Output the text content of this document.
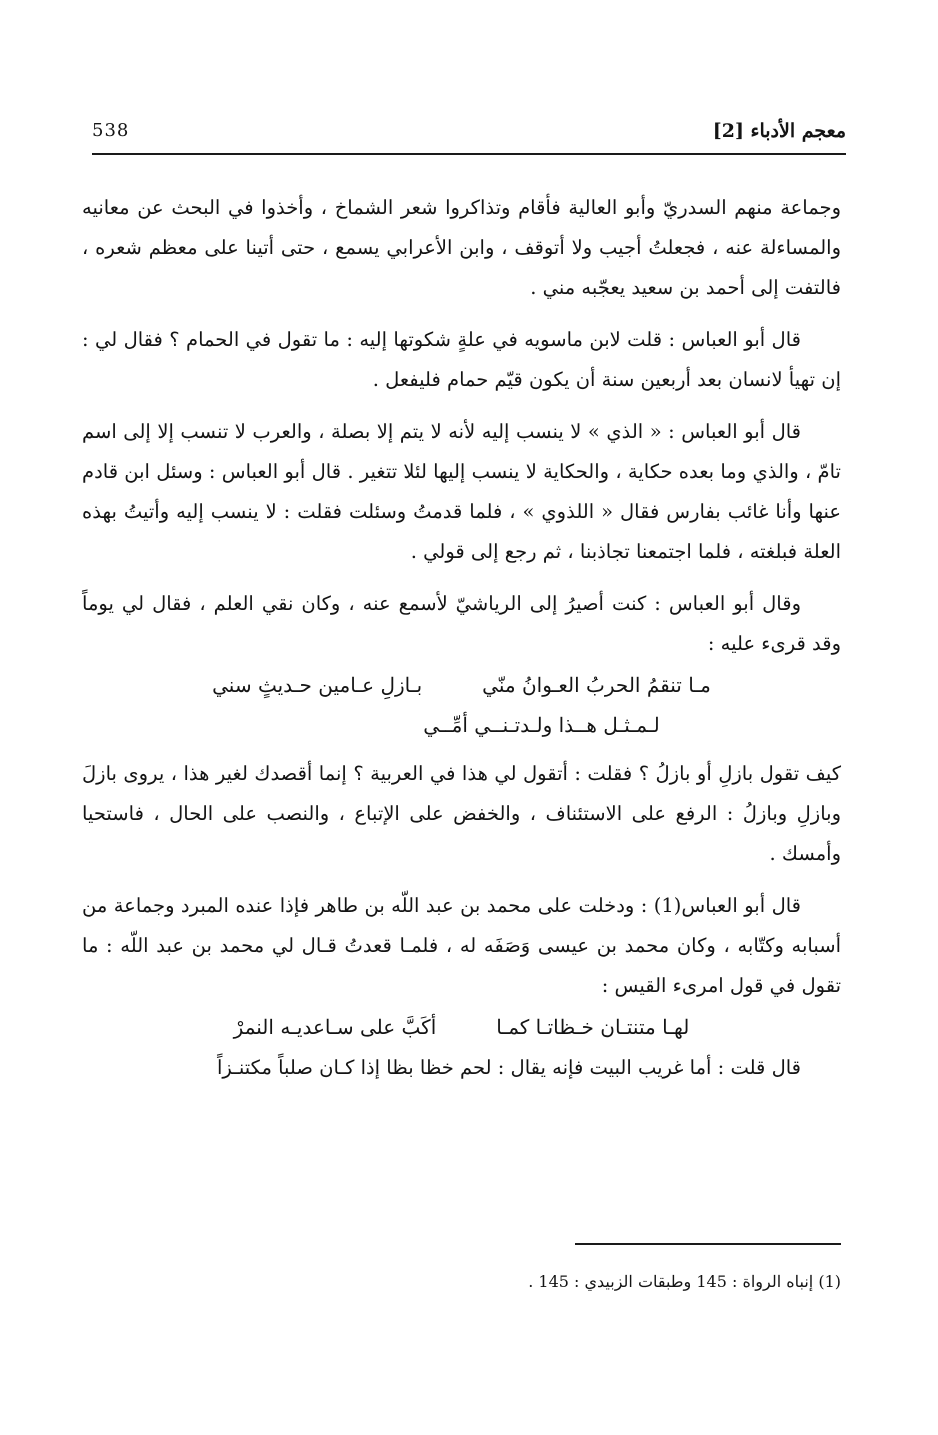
معجم الأدباء [2]
538

وجماعة منهم السدريّ وأبو العالية فأقام وتذاكروا شعر الشماخ ، وأخذوا في البحث عن معانيه والمساءلة عنه ، فجعلتُ أجيب ولا أتوقف ، وابن الأعرابي يسمع ، حتى أتينا على معظم شعره ، فالتفت إلى أحمد بن سعيد يعجّبه مني .

قال أبو العباس : قلت لابن ماسويه في علةٍ شكوتها إليه : ما تقول في الحمام ؟ فقال لي : إن تهيأ لانسان بعد أربعين سنة أن يكون قيّم حمام فليفعل .

قال أبو العباس : « الذي » لا ينسب إليه لأنه لا يتم إلا بصلة ، والعرب لا تنسب إلا إلى اسم تامّ ، والذي وما بعده حكاية ، والحكاية لا ينسب إليها لئلا تتغير . قال أبو العباس : وسئل ابن قادم عنها وأنا غائب بفارس فقال « اللذوي » ، فلما قدمتُ وسئلت فقلت : لا ينسب إليه وأتيتُ بهذه العلة فبلغته ، فلما اجتمعنا تجاذبنا ، ثم رجع إلى قولي .

وقال أبو العباس : كنت أصيرُ إلى الرياشيّ لأسمع عنه ، وكان نقي العلم ، فقال لي يوماً وقد قرىء عليه :

مـا تنقمُ الحربُ العـوانُ منّي
بـازلِ عـامين حـديثٍ سني
لـمـثـل هــذا ولـدتـنــي أمِّــي

كيف تقول بازلِ أو بازلُ ؟ فقلت : أتقول لي هذا في العربية ؟ إنما أقصدك لغير هذا ، يروى بازلَ وبازلِ وبازلُ : الرفع على الاستئناف ، والخفض على الإتباع ، والنصب على الحال ، فاستحيا وأمسك .

قال أبو العباس(1) : ودخلت على محمد بن عبد اللّه بن طاهر فإذا عنده المبرد وجماعة من أسبابه وكتّابه ، وكان محمد بن عيسى وَصَفَه له ، فلمـا قعدتُ قـال لي محمد بن عبد اللّه : ما تقول في قول امرىء القيس :

لهـا متنتـان خـظاتـا كمـا
أكَبَّ على سـاعديـه النمرْ

قال قلت : أما غريب البيت فإنه يقال : لحم خظا بظا إذا كـان صلباً مكتنـزاً

(1) إنباه الرواة : 145 وطبقات الزبيدي : 145 .
